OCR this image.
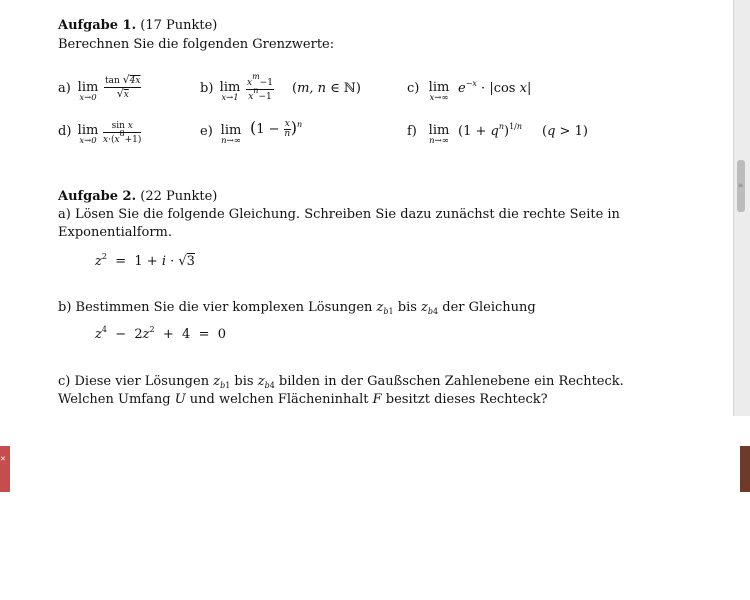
Aufgabe 1. (17 Punkte)
Berechnen Sie die folgenden Grenzwerte:
a) lim
$x\to 0 \frac{\tan √4x}{√x}$	b) lim
$x\to 1 \frac{x^m-1}{x^n-1} (m$, n ∈ ℕ)	c) lim
x→∞
$e^{-x} \cdot |\cos$ x|
d) lim
$x\to 0 \frac{\text{sin x}}{x\cdot(x^8+1)}$	e) lim
n→∞
$(1 - \frac{x}{n} )^n$	f) lim
n→∞
$(1 + q^n)^{1/n}$ (q > 1)
Aufgabe 2. (22 Punkte)
a) Lösen Sie die folgende Gleichung. Schreiben Sie dazu zunächst die rechte Seite in
Exponentialform.
$z^2 = 1 + i \cdot √3$
b) Bestimmen Sie die vier komplexen Lösungen $z_{b1}$ bis $z_{b4}$ der Gleichung
$z^4 - 2z^2 + 4 = 0$
c) Diese vier Lösungen $z_{b1}$ bis $z_{b4}$ bilden in der Gaußschen Zahlenebene ein Rechteck.
Welchen Umfang U und welchen Flächeninhalt F besitzt dieses Rechteck?
≡
✕
